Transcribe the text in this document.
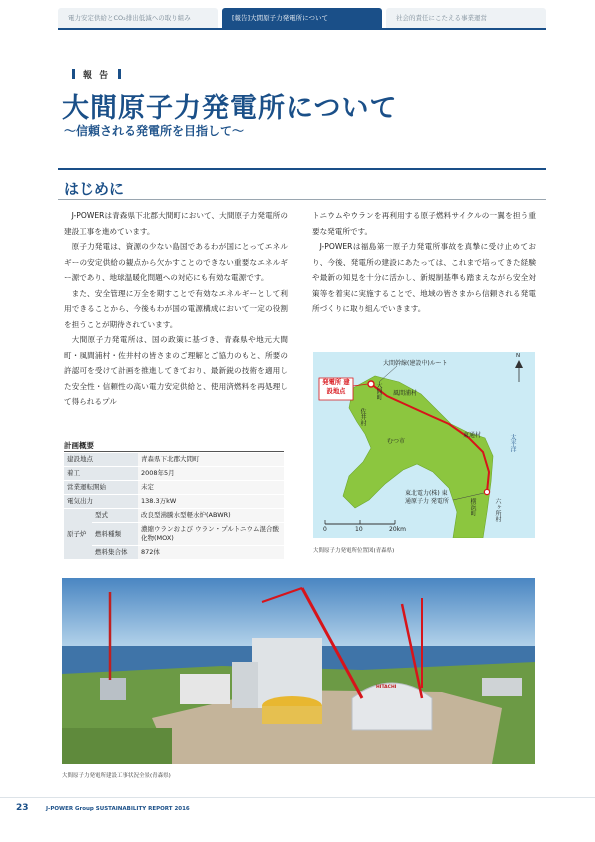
電力安定供給とCO₂排出低減への取り組み	[報告]大間原子力発電所について	社会的責任にこたえる事業運営
報 告
大間原子力発電所について
〜信頼される発電所を目指して〜
はじめに

J-POWERは青森県下北郡大間町において、大間原子力発電所の建設工事を進めています。

原子力発電は、資源の少ない島国であるわが国にとってエネルギーの安定供給の観点から欠かすことのできない重要なエネルギー源であり、地球温暖化問題への対応にも有効な電源です。

また、安全管理に万全を期すことで有効なエネルギーとして利用できることから、今後もわが国の電源構成において一定の役割を担うことが期待されています。

大間原子力発電所は、国の政策に基づき、青森県や地元大間町・風間浦村・佐井村の皆さまのご理解とご協力のもと、所要の許認可を受けて計画を推進してきており、最新鋭の技術を適用した安全性・信頼性の高い電力安定供給と、使用済燃料を再処理して得られるプル

トニウムやウランを再利用する原子燃料サイクルの一翼を担う重要な発電所です。

J-POWERは福島第一原子力発電所事故を真摯に受け止めており、今後、発電所の建設にあたっては、これまで培ってきた経験や最新の知見を十分に活かし、新規制基準も踏まえながら安全対策等を着実に実施することで、地域の皆さまから信頼される発電所づくりに取り組んでいきます。

計画概要
建設地点		青森県下北郡大間町
着工		2008年5月
営業運転開始		未定
電気出力		138.3万kW
原子炉	型式	改良型沸騰水型軽水炉(ABWR)
	燃料種類	濃縮ウランおよび ウラン・プルトニウム混合酸化物(MOX)
	燃料集合体	872体
発電所 建設地点
大間幹線(建設中)ルート
大間町 風間浦村
佐井村
むつ市
東通村	太平洋
横浜町	六ヶ所村
東北電力(株) 東通原子力 発電所
0	10	20km
N
大間原子力発電所位置図(青森県)
HITACHI
大間原子力発電所建設工事状況全景(青森県)
23	J-POWER Group SUSTAINABILITY REPORT 2016
